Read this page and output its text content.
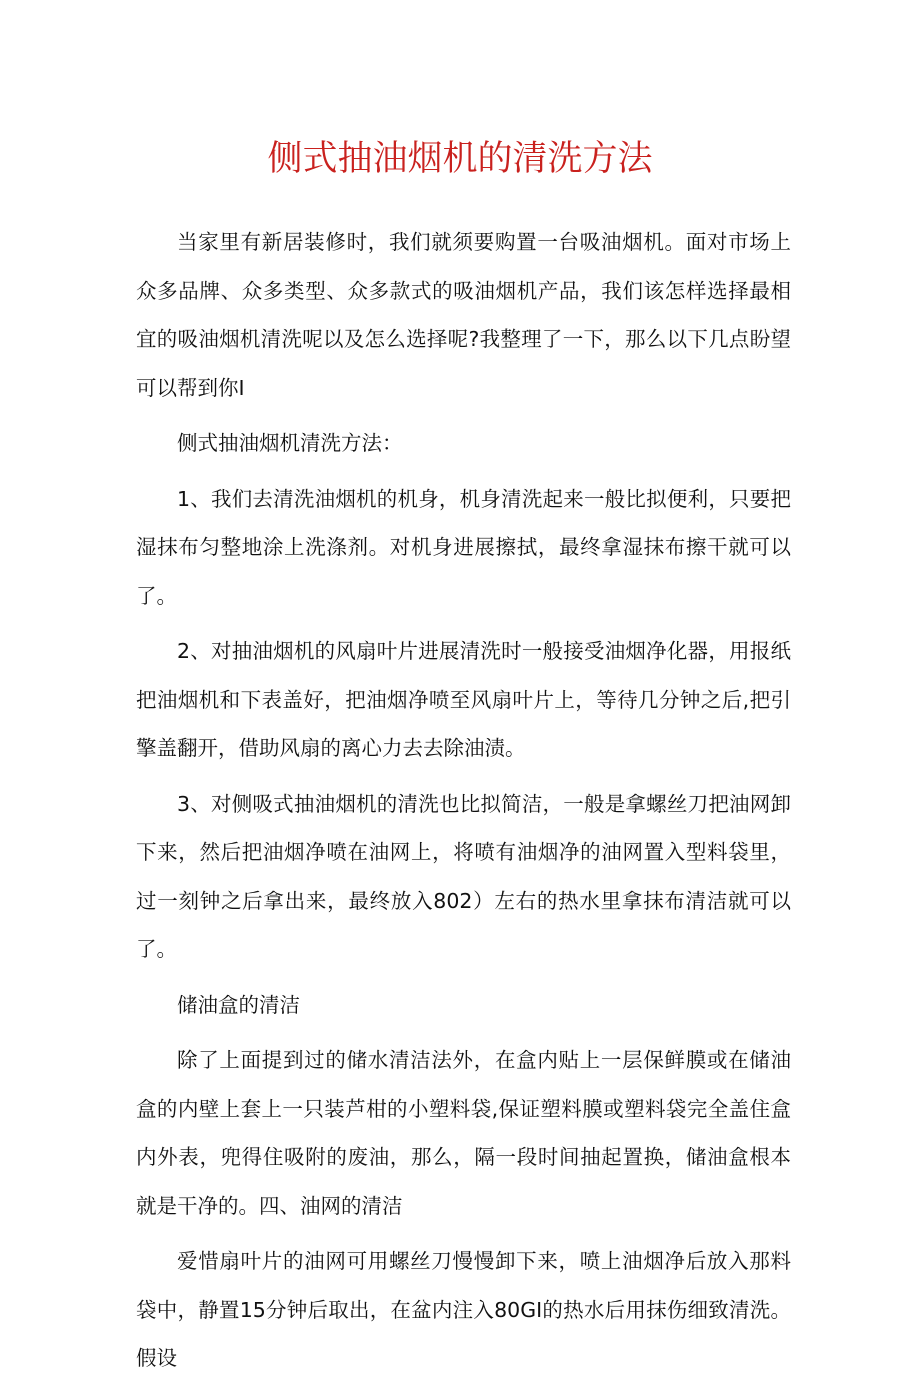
侧式抽油烟机的清洗方法

当家里有新居装修时，我们就须要购置一台吸油烟机。面对市场上众多品牌、众多类型、众多款式的吸油烟机产品，我们该怎样选择最相宜的吸油烟机清洗呢以及怎么选择呢?我整理了一下，那么以下几点盼望可以帮到你I

侧式抽油烟机清洗方法：

1、我们去清洗油烟机的机身，机身清洗起来一般比拟便利，只要把湿抹布匀整地涂上洗涤剂。对机身进展擦拭，最终拿湿抹布擦干就可以了。

2、对抽油烟机的风扇叶片进展清洗时一般接受油烟净化器，用报纸把油烟机和下表盖好，把油烟净喷至风扇叶片上，等待几分钟之后,把引擎盖翻开，借助风扇的离心力去去除油渍。

3、对侧吸式抽油烟机的清洗也比拟简洁，一般是拿螺丝刀把油网卸下来，然后把油烟净喷在油网上，将喷有油烟净的油网置入型料袋里，过一刻钟之后拿出来，最终放入802）左右的热水里拿抹布清洁就可以了。

储油盒的清洁

除了上面提到过的储水清洁法外，在盒内贴上一层保鲜膜或在储油盒的内壁上套上一只装芦柑的小塑料袋,保证塑料膜或塑料袋完全盖住盒内外表，兜得住吸附的废油，那么，隔一段时间抽起置换，储油盒根本就是干净的。四、油网的清洁

爱惜扇叶片的油网可用螺丝刀慢慢卸下来，喷上油烟净后放入那料袋中，静置15分钟后取出，在盆内注入80GI的热水后用抹伤细致清洗。假设
